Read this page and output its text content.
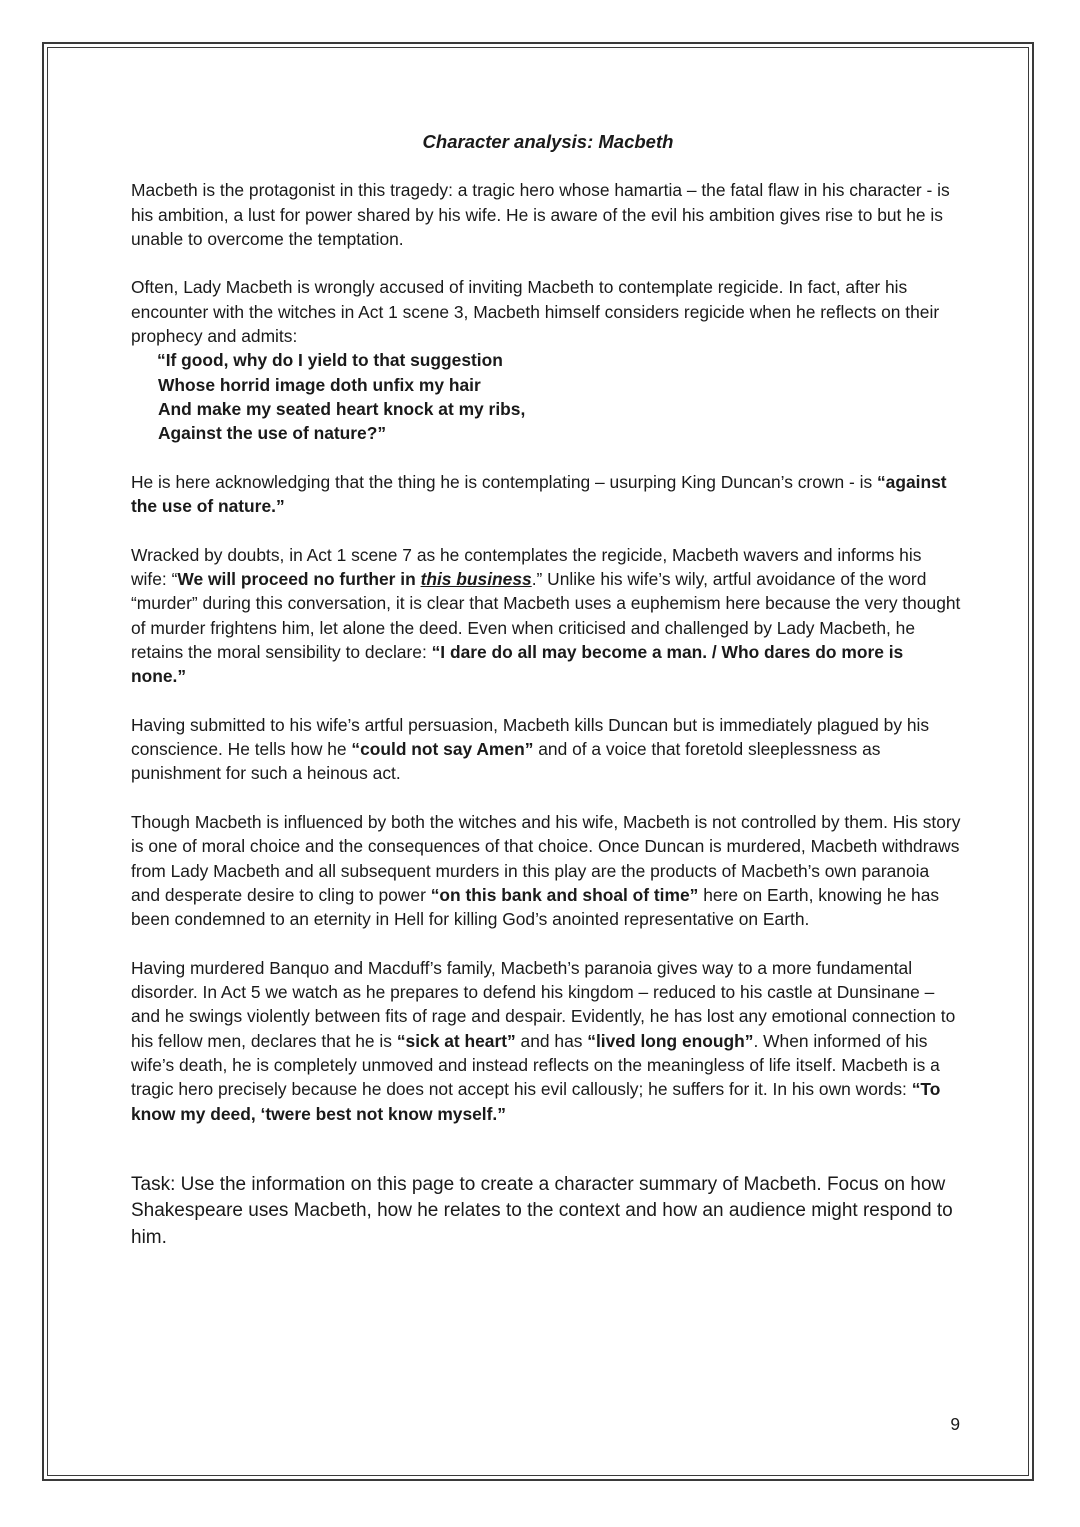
Character analysis: Macbeth

Macbeth is the protagonist in this tragedy: a tragic hero whose hamartia – the fatal flaw in his character - is his ambition, a lust for power shared by his wife. He is aware of the evil his ambition gives rise to but he is unable to overcome the temptation.

Often, Lady Macbeth is wrongly accused of inviting Macbeth to contemplate regicide. In fact, after his encounter with the witches in Act 1 scene 3, Macbeth himself considers regicide when he reflects on their prophecy and admits:

“If good, why do I yield to that suggestion
Whose horrid image doth unfix my hair
And make my seated heart knock at my ribs,
Against the use of nature?”

He is here acknowledging that the thing he is contemplating – usurping King Duncan’s crown - is “against the use of nature.”

Wracked by doubts, in Act 1 scene 7 as he contemplates the regicide, Macbeth wavers and informs his wife: “We will proceed no further in this business.” Unlike his wife’s wily, artful avoidance of the word “murder” during this conversation, it is clear that Macbeth uses a euphemism here because the very thought of murder frightens him, let alone the deed. Even when criticised and challenged by Lady Macbeth, he retains the moral sensibility to declare: “I dare do all may become a man. / Who dares do more is none.”

Having submitted to his wife’s artful persuasion, Macbeth kills Duncan but is immediately plagued by his conscience. He tells how he “could not say Amen” and of a voice that foretold sleeplessness as punishment for such a heinous act.

Though Macbeth is influenced by both the witches and his wife, Macbeth is not controlled by them. His story is one of moral choice and the consequences of that choice. Once Duncan is murdered, Macbeth withdraws from Lady Macbeth and all subsequent murders in this play are the products of Macbeth’s own paranoia and desperate desire to cling to power “on this bank and shoal of time” here on Earth, knowing he has been condemned to an eternity in Hell for killing God’s anointed representative on Earth.

Having murdered Banquo and Macduff’s family, Macbeth’s paranoia gives way to a more fundamental disorder. In Act 5 we watch as he prepares to defend his kingdom – reduced to his castle at Dunsinane – and he swings violently between fits of rage and despair. Evidently, he has lost any emotional connection to his fellow men, declares that he is “sick at heart” and has “lived long enough”. When informed of his wife’s death, he is completely unmoved and instead reflects on the meaningless of life itself. Macbeth is a tragic hero precisely because he does not accept his evil callously; he suffers for it. In his own words: “To know my deed, ‘twere best not know myself.”

Task: Use the information on this page to create a character summary of Macbeth. Focus on how Shakespeare uses Macbeth, how he relates to the context and how an audience might respond to him.

9
